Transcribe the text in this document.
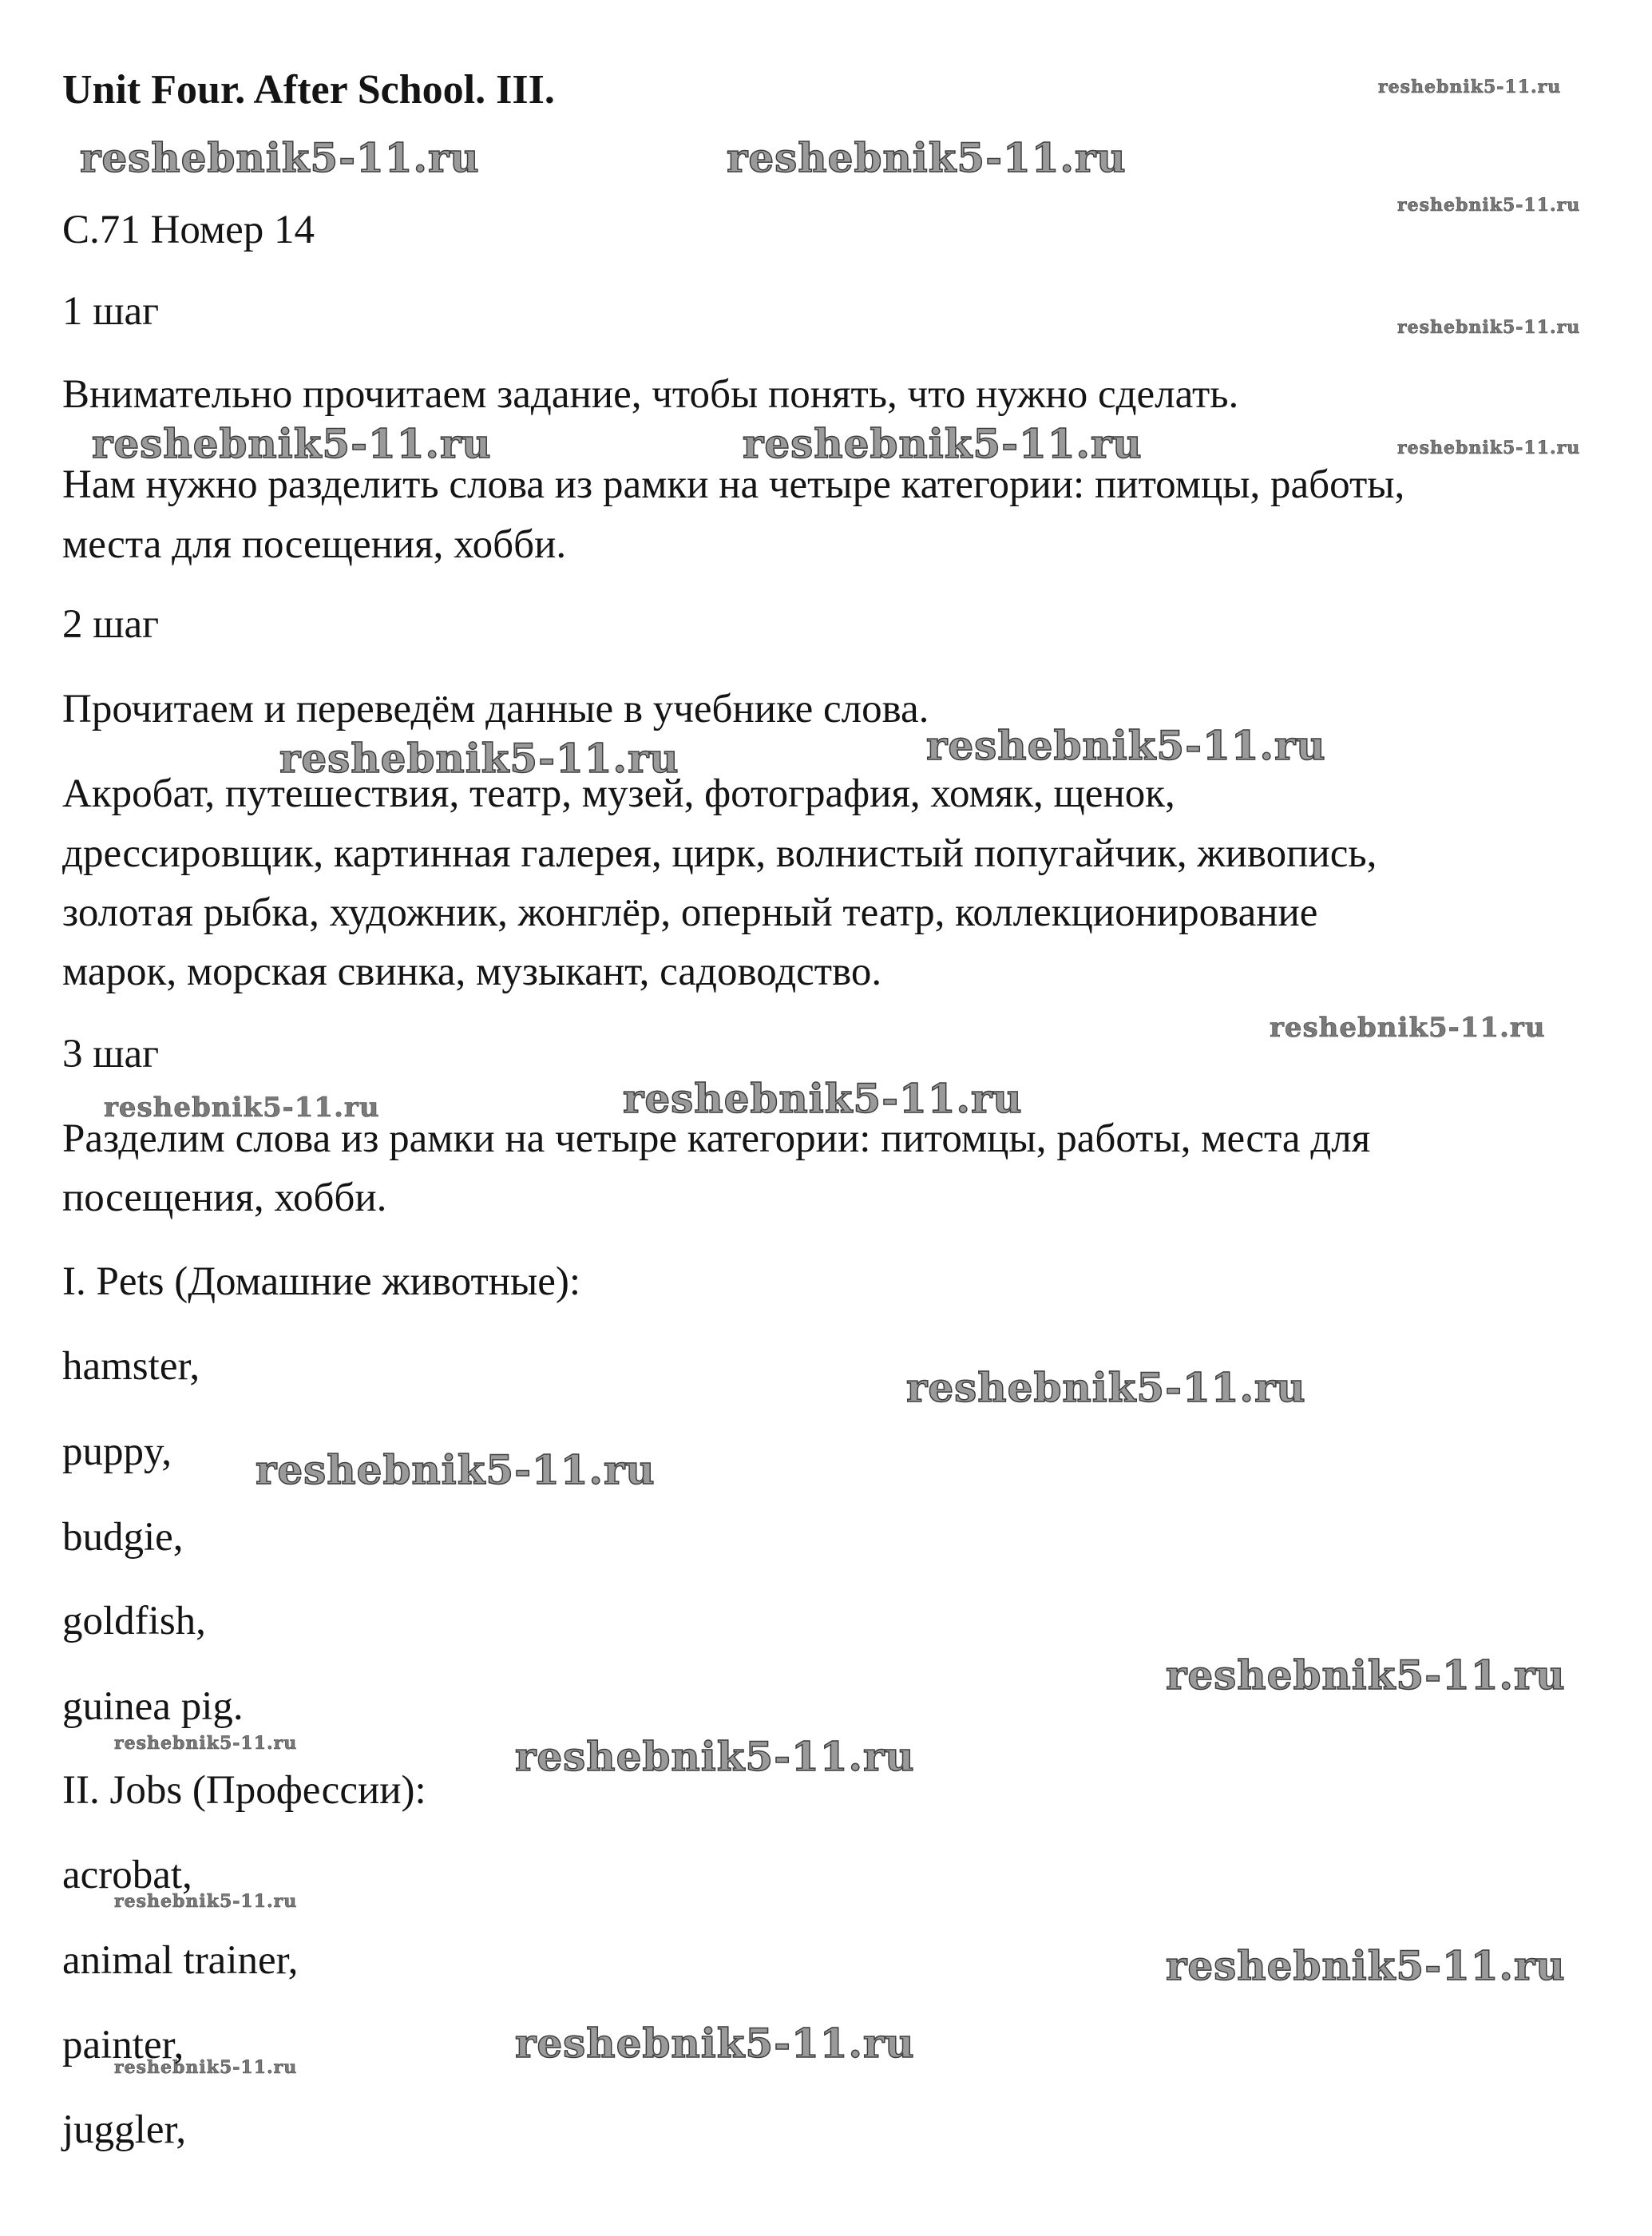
reshebnik5-11.ru
reshebnik5-11.ru	reshebnik5-11.ru
reshebnik5-11.ru
reshebnik5-11.ru
reshebnik5-11.ru	reshebnik5-11.ru	reshebnik5-11.ru
reshebnik5-11.ru	reshebnik5-11.ru
reshebnik5-11.ru
reshebnik5-11.ru	reshebnik5-11.ru
reshebnik5-11.ru
reshebnik5-11.ru
reshebnik5-11.ru
reshebnik5-11.ru	reshebnik5-11.ru
reshebnik5-11.ru
reshebnik5-11.ru
reshebnik5-11.ru
reshebnik5-11.ru
Unit Four. After School. III.
С.71 Номер 14
1 шаг
Внимательно прочитаем задание, чтобы понять, что нужно сделать.
Нам нужно разделить слова из рамки на четыре категории: питомцы, работы,
места для посещения, хобби.
2 шаг
Прочитаем и переведём данные в учебнике слова.
Акробат, путешествия, театр, музей, фотография, хомяк, щенок,
дрессировщик, картинная галерея, цирк, волнистый попугайчик, живопись,
золотая рыбка, художник, жонглёр, оперный театр, коллекционирование
марок, морская свинка, музыкант, садоводство.
3 шаг
Разделим слова из рамки на четыре категории: питомцы, работы, места для
посещения, хобби.
I. Pets (Домашние животные):
hamster,
puppy,
budgie,
goldfish,
guinea pig.
II. Jobs (Профессии):
acrobat,
animal trainer,
painter,
juggler,
